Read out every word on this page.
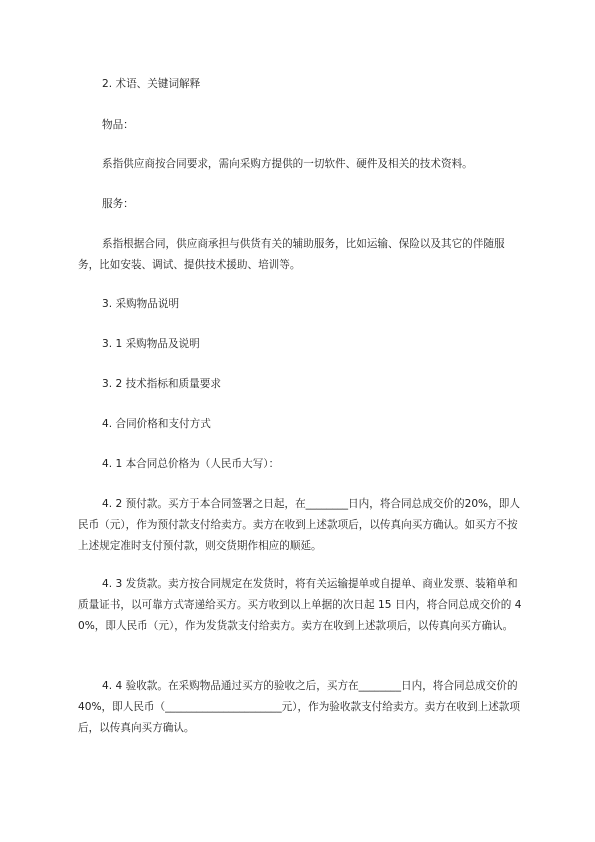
2. 术语、关键词解释

物品：

系指供应商按合同要求，需向采购方提供的一切软件、硬件及相关的技术资料。

服务：

系指根据合同，供应商承担与供货有关的辅助服务，比如运输、保险以及其它的伴随服务，比如安装、调试、提供技术援助、培训等。

3. 采购物品说明

3. 1 采购物品及说明

3. 2 技术指标和质量要求

4. 合同价格和支付方式

4. 1 本合同总价格为（人民币大写）：

4. 2 预付款。买方于本合同签署之日起，在________日内，将合同总成交价的20%，即人民币（元），作为预付款支付给卖方。卖方在收到上述款项后，以传真向买方确认。如买方不按上述规定准时支付预付款，则交货期作相应的顺延。

4. 3 发货款。卖方按合同规定在发货时，将有关运输提单或自提单、商业发票、装箱单和质量证书，以可靠方式寄递给买方。买方收到以上单据的次日起 15 日内，将合同总成交价的 40%，即人民币（元），作为发货款支付给卖方。卖方在收到上述款项后，以传真向买方确认。

4. 4 验收款。在采购物品通过买方的验收之后，买方在________日内，将合同总成交价的 40%，即人民币（______________________元），作为验收款支付给卖方。卖方在收到上述款项后，以传真向买方确认。
